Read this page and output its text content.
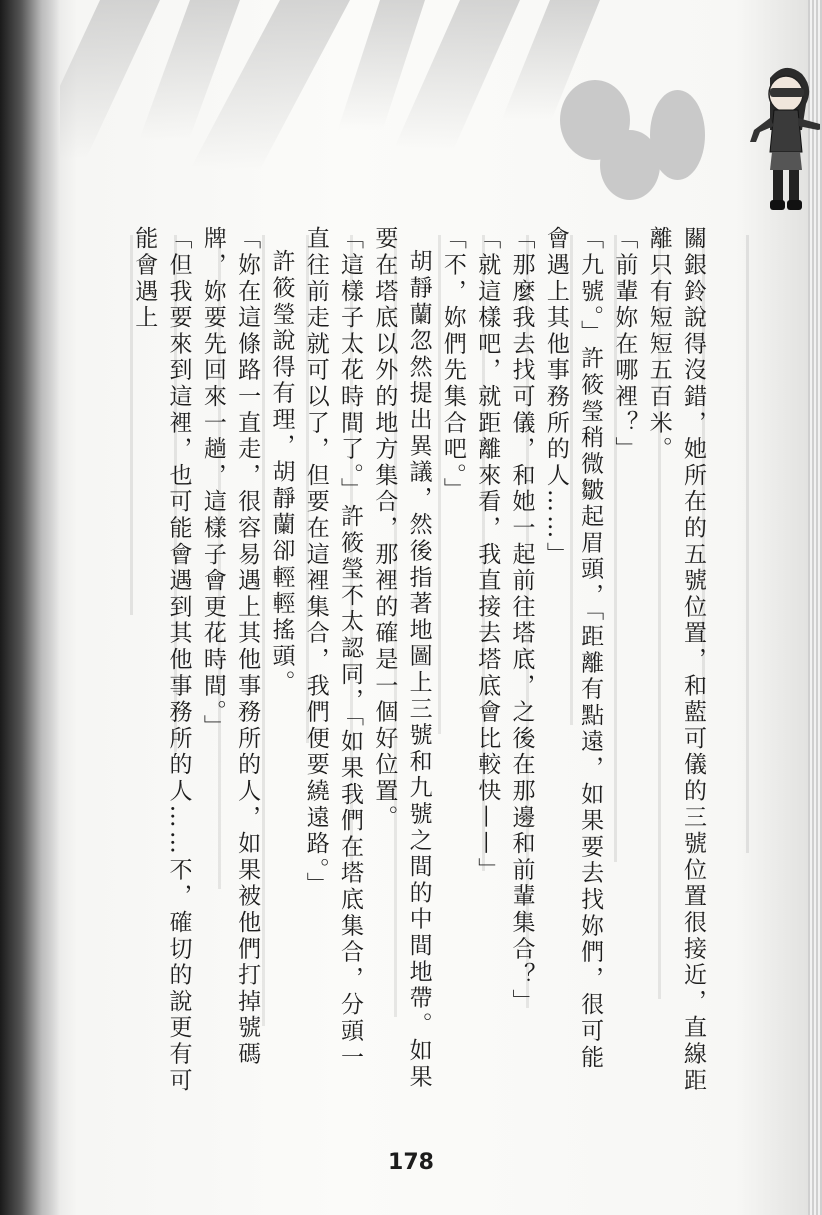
關銀鈴說得沒錯，她所在的五號位置，和藍可儀的三號位置很接近，直線距離只有短短五百米。

「前輩妳在哪裡？」

「九號。」許筱瑩稍微皺起眉頭，「距離有點遠，如果要去找妳們，很可能會遇上其他事務所的人……」

「那麼我去找可儀，和她一起前往塔底，之後在那邊和前輩集合？」

「就這樣吧，就距離來看，我直接去塔底會比較快——」

「不，妳們先集合吧。」

胡靜蘭忽然提出異議，然後指著地圖上三號和九號之間的中間地帶。如果要在塔底以外的地方集合，那裡的確是一個好位置。

「這樣子太花時間了。」許筱瑩不太認同，「如果我們在塔底集合，分頭一直往前走就可以了，但要在這裡集合，我們便要繞遠路。」

許筱瑩說得有理，胡靜蘭卻輕輕搖頭。

「妳在這條路一直走，很容易遇上其他事務所的人，如果被他們打掉號碼牌，妳要先回來一趟，這樣子會更花時間。」

「但我要來到這裡，也可能會遇到其他事務所的人……不，確切的說更有可能會遇上

178
